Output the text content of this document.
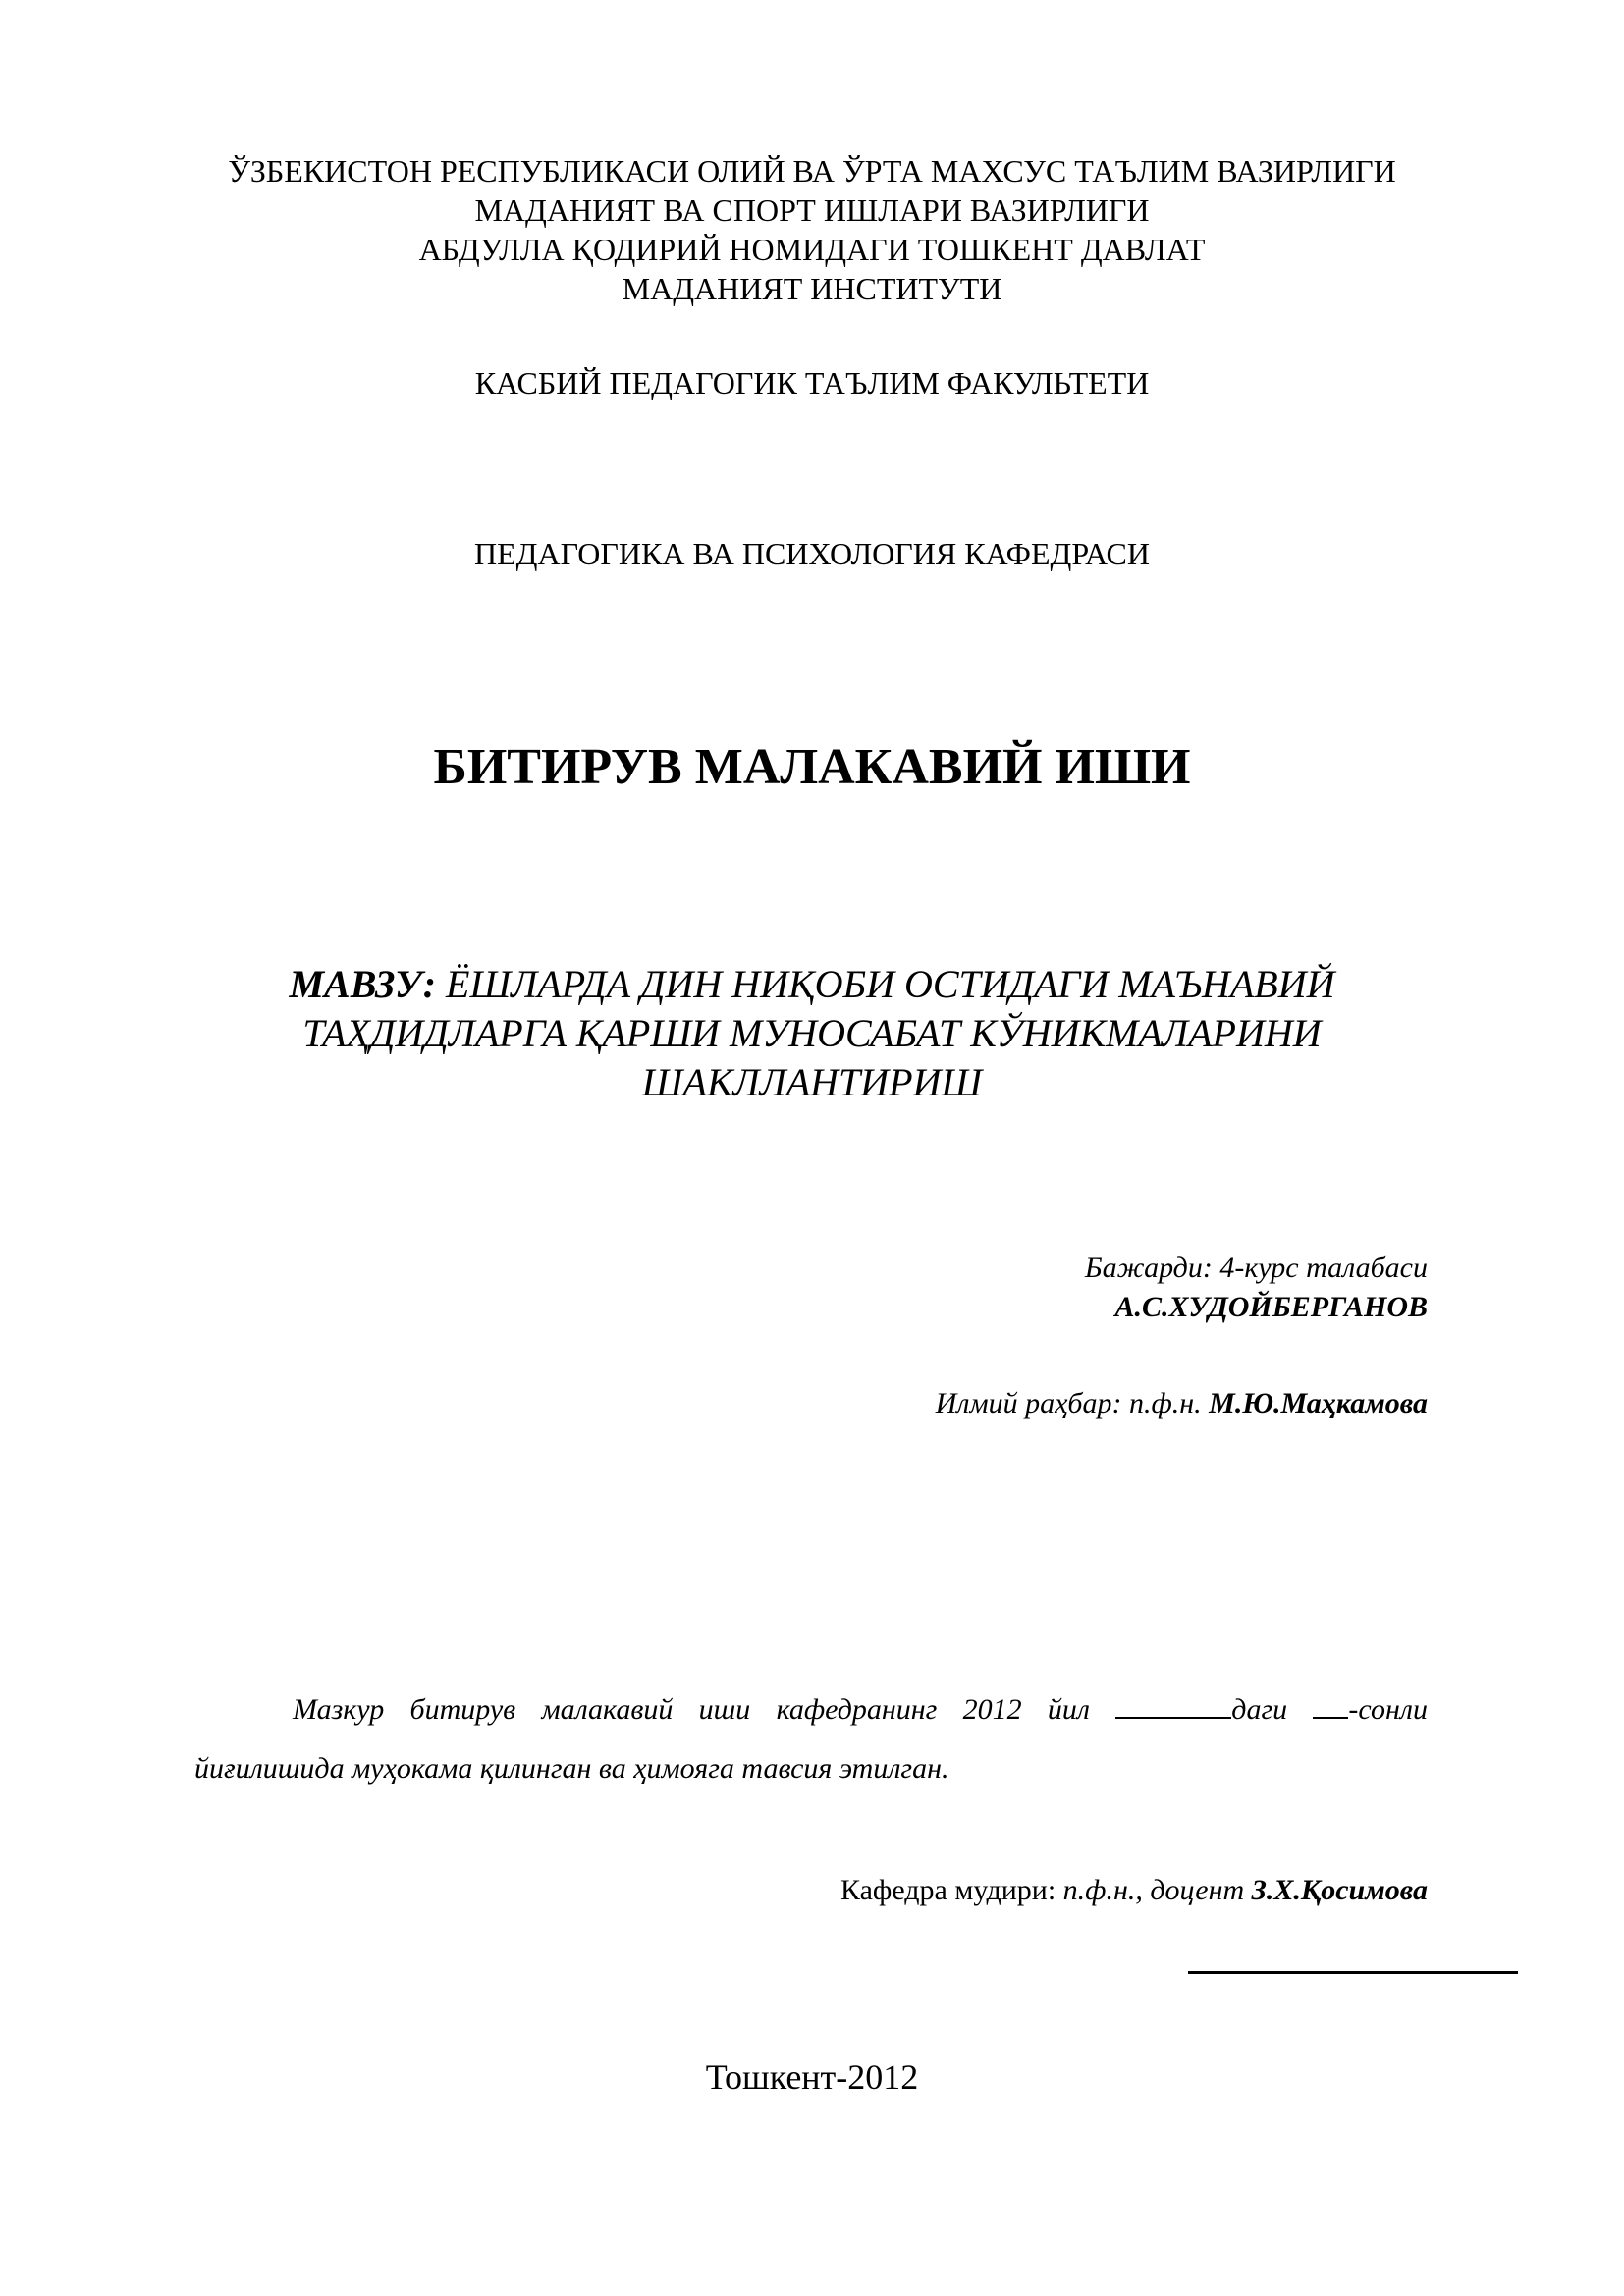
ЎЗБЕКИСТОН РЕСПУБЛИКАСИ ОЛИЙ ВА ЎРТА МАХСУС ТАЪЛИМ ВАЗИРЛИГИ
МАДАНИЯТ ВА СПОРТ ИШЛАРИ ВАЗИРЛИГИ
АБДУЛЛА ҚОДИРИЙ НОМИДАГИ ТОШКЕНТ ДАВЛАТ
МАДАНИЯТ ИНСТИТУТИ
КАСБИЙ ПЕДАГОГИК ТАЪЛИМ ФАКУЛЬТЕТИ
ПЕДАГОГИКА ВА ПСИХОЛОГИЯ КАФЕДРАСИ
БИТИРУВ МАЛАКАВИЙ ИШИ
МАВЗУ: ЁШЛАРДА ДИН НИҚОБИ ОСТИДАГИ МАЪНАВИЙ
ТАҲДИДЛАРГА ҚАРШИ МУНОСАБАТ КЎНИКМАЛАРИНИ
ШАКЛЛАНТИРИШ
Бажарди: 4-курс талабаси
А.С.ХУДОЙБЕРГАНОВ
Илмий раҳбар: п.ф.н. М.Ю.Маҳкамова
Мазкур битирув малакавий иши кафедранинг 2012 йил	даги	-сонли
йиғилишида муҳокама қилинган ва ҳимояга тавсия этилган.
Кафедра мудири: п.ф.н., доцент З.Х.Қосимова
Тошкент-2012
